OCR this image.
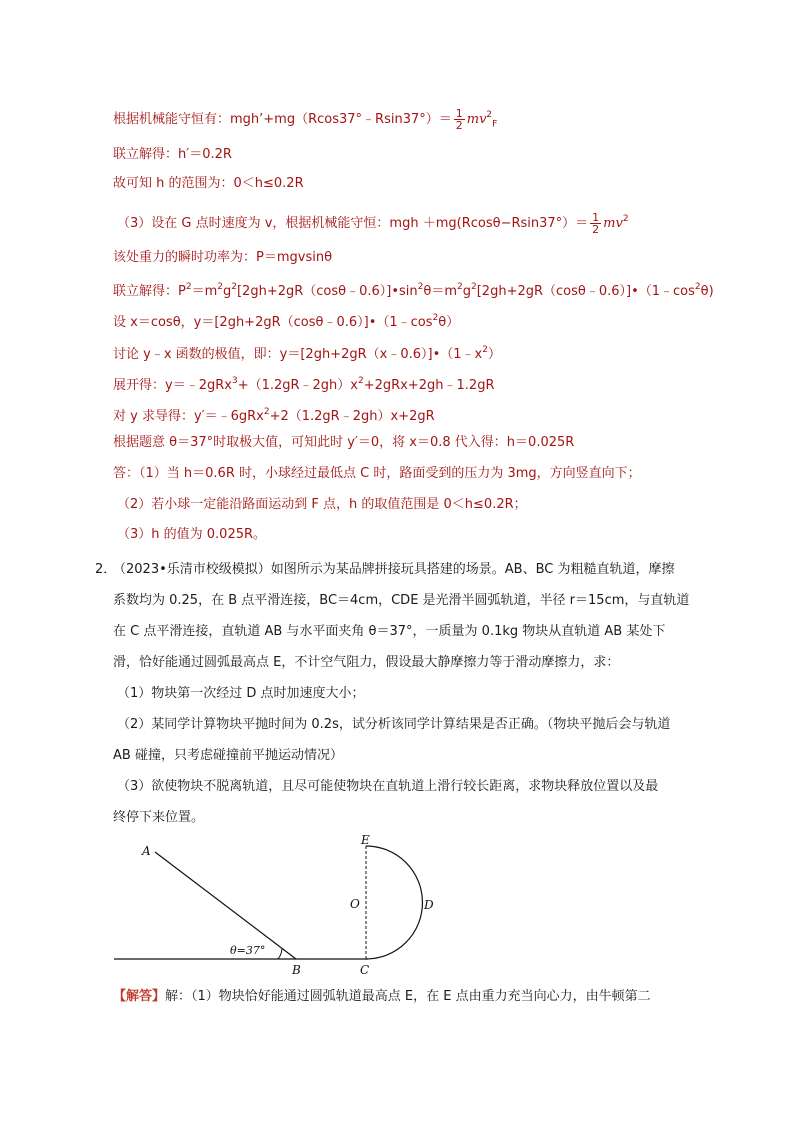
根据机械能守恒有：mgh’+mg（Rcos37°﹣Rsin37°）＝ $\frac{1}{2} mv^2_F$
联立解得：h′＝0.2R
故可知 h 的范围为：0＜h≤0.2R
（3）设在 G 点时速度为 v，根据机械能守恒：mgh $+mg(Rcos\theta-Rsin37^\circ)= \frac{1}{2} mv^2$
该处重力的瞬时功率为：P＝mgvsinθ
联立解得：$P^2=m^2g^2[2gh+2gR(\cos\theta﹣0.6)]•\sin^2\theta=m^2g^2[2gh+2gR(\cos\theta﹣0.6)]•(1﹣\cos^2\theta)$
设 x＝cosθ，$y=[2gh+2gR(\cos\theta﹣0.6)]•(1﹣\cos^2\theta)$
讨论 y﹣x 函数的极值，即：$y=[2gh+2gR(x﹣0.6)]•(1﹣x^2)$
展开得：$y=﹣2gRx^3+(1.2gR﹣2gh)x^2+2gRx+2gh﹣1.2gR$
对 y 求导得：y′＝﹣6gRx$^2$+2（1.2gR﹣2gh）x+2gR
根据题意 θ＝37°时取极大值，可知此时 y′＝0，将 x＝0.8 代入得：h＝0.025R
答：（1）当 h＝0.6R 时，小球经过最低点 C 时，路面受到的压力为 3mg，方向竖直向下；
（2）若小球一定能沿路面运动到 F 点，h 的取值范围是 0＜h≤0.2R；
（3）h 的值为 0.025R。
2．
（2023•乐清市校级模拟）如图所示为某品牌拼接玩具搭建的场景。AB、BC 为粗糙直轨道，摩擦
系数均为 0.25，在 B 点平滑连接，BC＝4cm，CDE 是光滑半圆弧轨道，半径 r＝15cm，与直轨道
在 C 点平滑连接，直轨道 AB 与水平面夹角 θ＝37°，一质量为 0.1kg 物块从直轨道 AB 某处下
滑，恰好能通过圆弧最高点 E，不计空气阻力，假设最大静摩擦力等于滑动摩擦力，求：
（1）物块第一次经过 D 点时加速度大小；
（2）某同学计算物块平抛时间为 0.2s，试分析该同学计算结果是否正确。（物块平抛后会与轨道
AB 碰撞，只考虑碰撞前平抛运动情况）
（3）欲使物块不脱离轨道，且尽可能使物块在直轨道上滑行较长距离，求物块释放位置以及最
终停下来位置。
A
B	C
D
E
O
θ=37°
【解答】解：（1）物块恰好能通过圆弧轨道最高点 E，在 E 点由重力充当向心力，由牛顿第二
